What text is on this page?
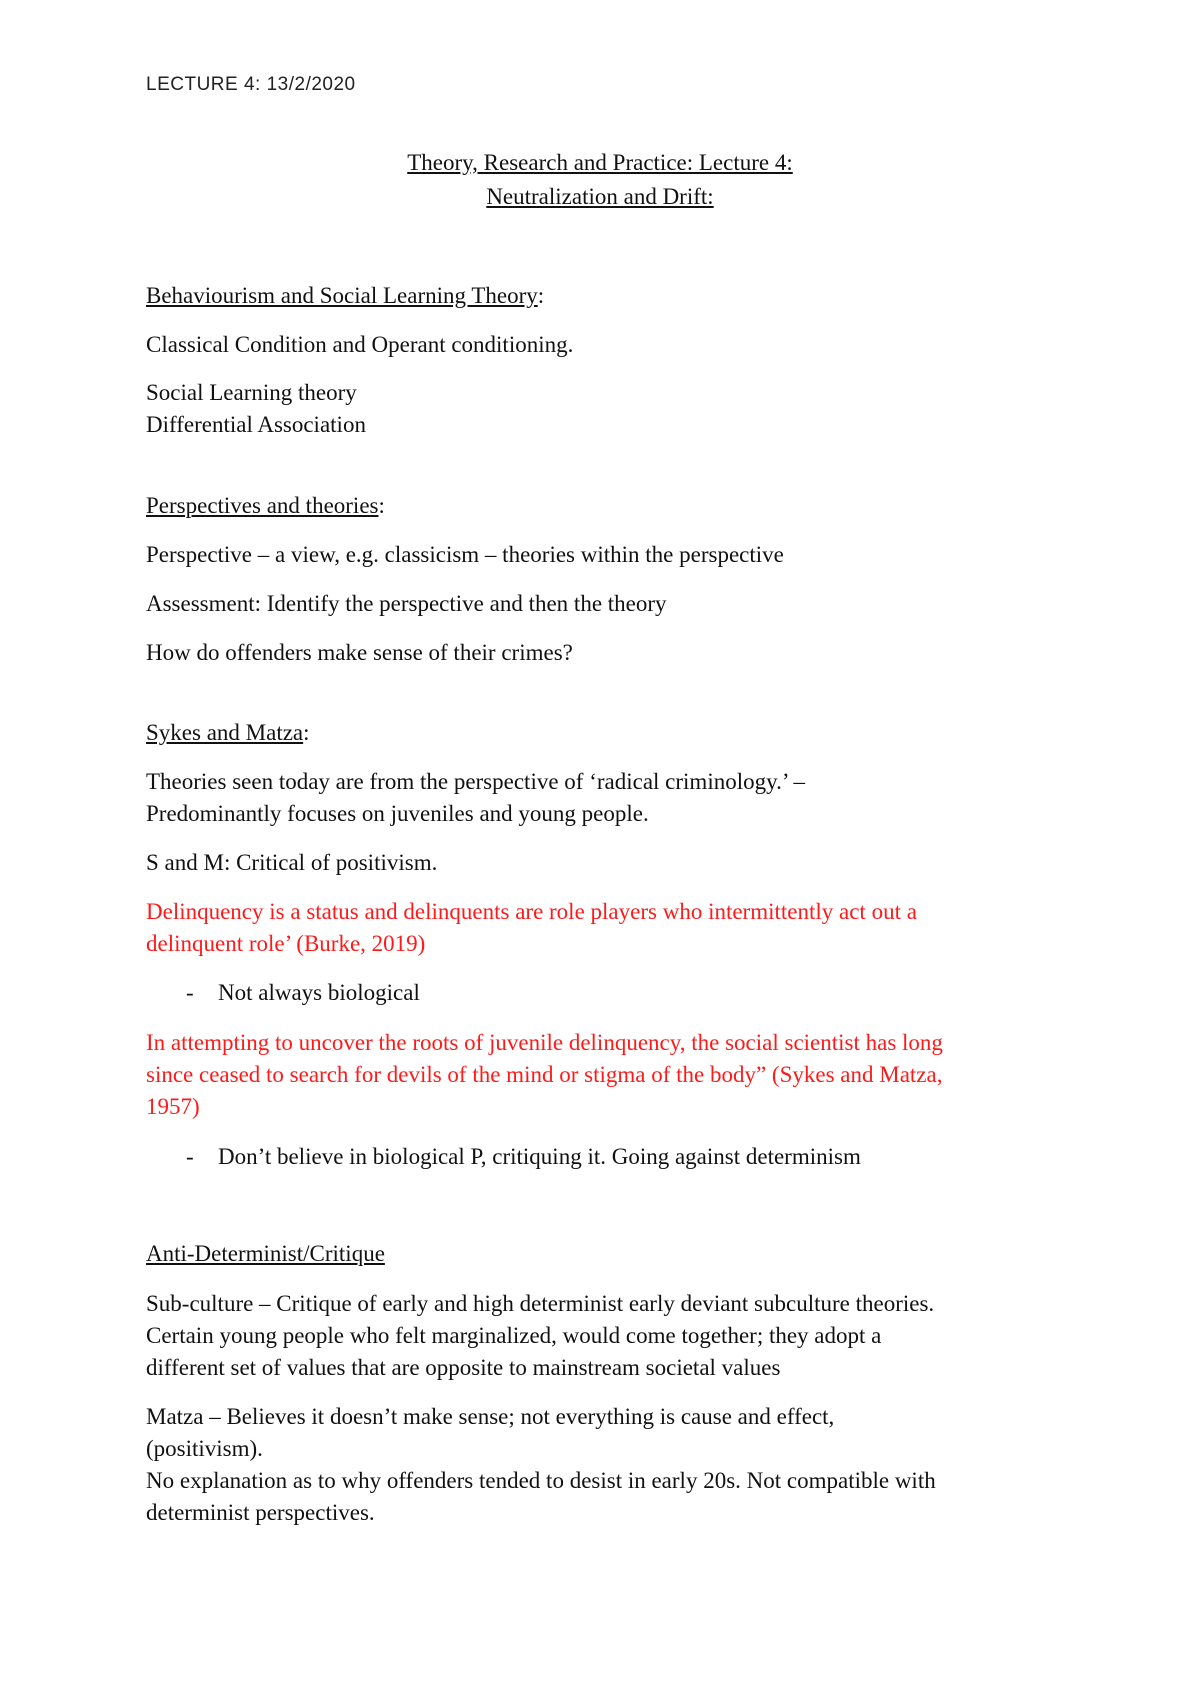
LECTURE 4: 13/2/2020
Theory, Research and Practice: Lecture 4:
Neutralization and Drift:
Behaviourism and Social Learning Theory:
Classical Condition and Operant conditioning.
Social Learning theory
Differential Association
Perspectives and theories:
Perspective – a view, e.g. classicism – theories within the perspective
Assessment: Identify the perspective and then the theory
How do offenders make sense of their crimes?
Sykes and Matza:
Theories seen today are from the perspective of ‘radical criminology.’ –
Predominantly focuses on juveniles and young people.
S and M: Critical of positivism.
Delinquency is a status and delinquents are role players who intermittently act out a
delinquent role’ (Burke, 2019)
- Not always biological
In attempting to uncover the roots of juvenile delinquency, the social scientist has long
since ceased to search for devils of the mind or stigma of the body” (Sykes and Matza,
1957)
- Don’t believe in biological P, critiquing it. Going against determinism
Anti-Determinist/Critique
Sub-culture – Critique of early and high determinist early deviant subculture theories.
Certain young people who felt marginalized, would come together; they adopt a
different set of values that are opposite to mainstream societal values
Matza – Believes it doesn’t make sense; not everything is cause and effect,
(positivism).
No explanation as to why offenders tended to desist in early 20s. Not compatible with
determinist perspectives.
